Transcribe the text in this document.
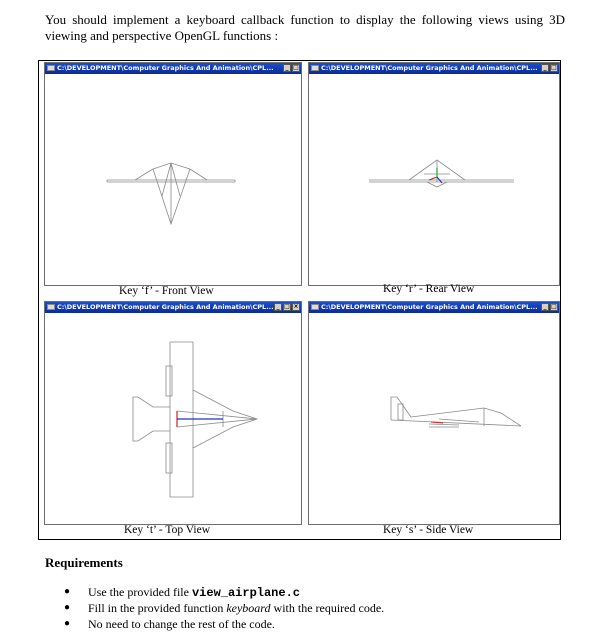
You should implement a keyboard callback function to display the following views using 3D viewing and perspective OpenGL functions :
C:\DEVELOPMENT\Computer Graphics And Animation\CPL...	_ □
Key ‘f’ - Front View
C:\DEVELOPMENT\Computer Graphics And Animation\CPL... _ □
Key ‘r’ - Rear View
C:\DEVELOPMENT\Computer Graphics And Animation\CPL... _ □ ×
Key ‘t’ - Top View
C:\DEVELOPMENT\Computer Graphics And Animation\CPL... _ □
Key ‘s’ - Side View
Requirements
● Use the provided file view_airplane.c
● Fill in the provided function keyboard with the required code.
● No need to change the rest of the code.
